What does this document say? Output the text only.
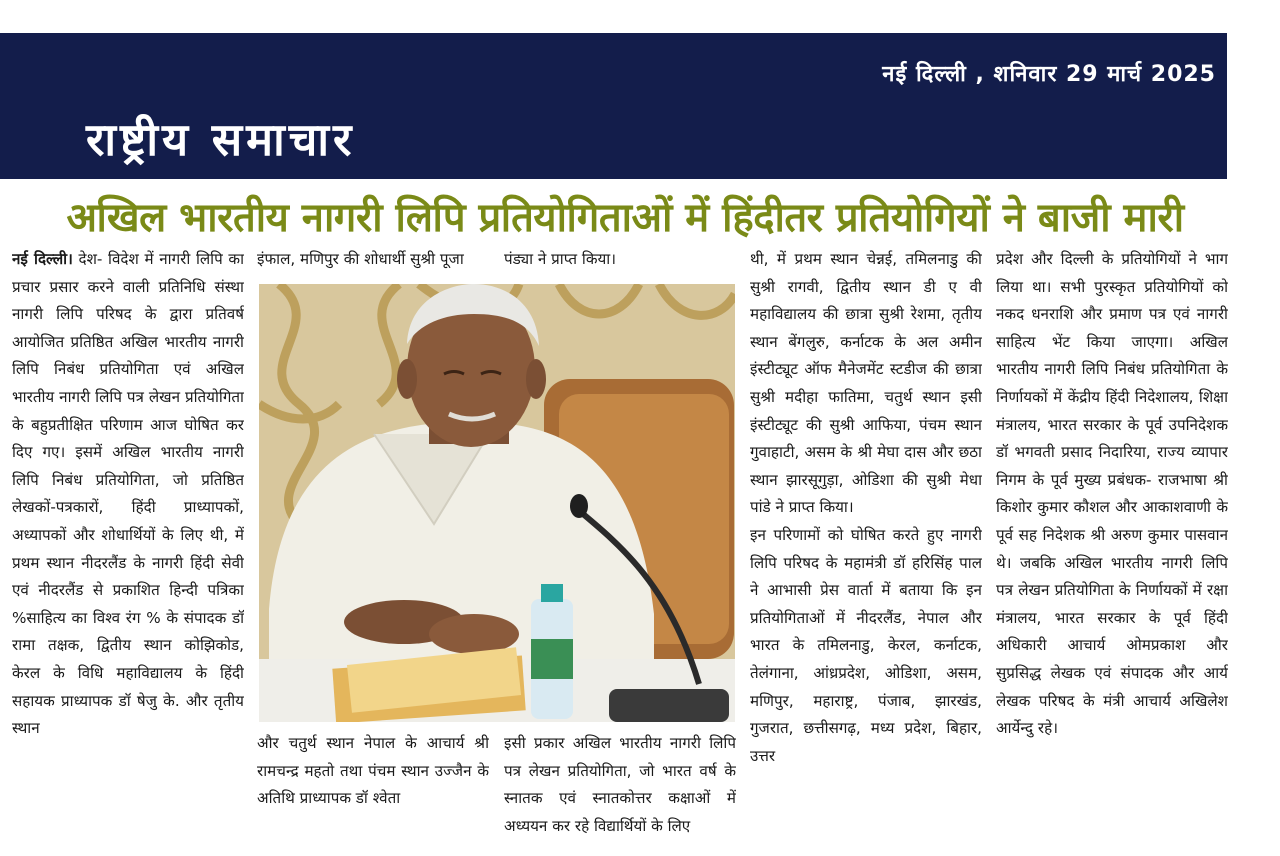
नई दिल्ली , शनिवार 29 मार्च 2025
राष्ट्रीय समाचार
अखिल भारतीय नागरी लिपि प्रतियोगिताओं में हिंदीतर प्रतियोगियों ने बाजी मारी

नई दिल्ली। देश- विदेश में नागरी लिपि का प्रचार प्रसार करने वाली प्रतिनिधि संस्था नागरी लिपि परिषद के द्वारा प्रतिवर्ष आयोजित प्रतिष्ठित अखिल भारतीय नागरी लिपि निबंध प्रतियोगिता एवं अखिल भारतीय नागरी लिपि पत्र लेखन प्रतियोगिता के बहुप्रतीक्षित परिणाम आज घोषित कर दिए गए। इसमें अखिल भारतीय नागरी लिपि निबंध प्रतियोगिता, जो प्रतिष्ठित लेखकों-पत्रकारों, हिंदी प्राध्यापकों, अध्यापकों और शोधार्थियों के लिए थी, में प्रथम स्थान नीदरलैंड के नागरी हिंदी सेवी एवं नीदरलैंड से प्रकाशित हिन्दी पत्रिका %साहित्य का विश्व रंग % के संपादक डॉ रामा तक्षक, द्वितीय स्थान कोझिकोड, केरल के विधि महाविद्यालय के हिंदी सहायक प्राध्यापक डॉ षेजु के. और तृतीय स्थान

इंफाल, मणिपुर की शोधार्थी सुश्री पूजा	पंड्या ने प्राप्त किया।

और चतुर्थ स्थान नेपाल के आचार्य श्री रामचन्द्र महतो तथा पंचम स्थान उज्जैन के अतिथि प्राध्यापक डॉ श्वेता

इसी प्रकार अखिल भारतीय नागरी लिपि पत्र लेखन प्रतियोगिता, जो भारत वर्ष के स्नातक एवं स्नातकोत्तर कक्षाओं में अध्ययन कर रहे विद्यार्थियों के लिए

थी, में प्रथम स्थान चेन्नई, तमिलनाडु की सुश्री रागवी, द्वितीय स्थान डी ए वी महाविद्यालय की छात्रा सुश्री रेशमा, तृतीय स्थान बेंगलुरु, कर्नाटक के अल अमीन इंस्टीट्यूट ऑफ मैनेजमेंट स्टडीज की छात्रा सुश्री मदीहा फातिमा, चतुर्थ स्थान इसी इंस्टीट्यूट की सुश्री आफिया, पंचम स्थान गुवाहाटी, असम के श्री मेघा दास और छठा स्थान झारसूगुड़ा, ओडिशा की सुश्री मेधा पांडे ने प्राप्त किया।

इन परिणामों को घोषित करते हुए नागरी लिपि परिषद के महामंत्री डॉ हरिसिंह पाल ने आभासी प्रेस वार्ता में बताया कि इन प्रतियोगिताओं में नीदरलैंड, नेपाल और भारत के तमिलनाडु, केरल, कर्नाटक, तेलंगाना, आंध्रप्रदेश, ओडिशा, असम, मणिपुर, महाराष्ट्र, पंजाब, झारखंड, गुजरात, छत्तीसगढ़, मध्य प्रदेश, बिहार, उत्तर

प्रदेश और दिल्ली के प्रतियोगियों ने भाग लिया था। सभी पुरस्कृत प्रतियोगियों को नकद धनराशि और प्रमाण पत्र एवं नागरी साहित्य भेंट किया जाएगा। अखिल भारतीय नागरी लिपि निबंध प्रतियोगिता के निर्णायकों में केंद्रीय हिंदी निदेशालय, शिक्षा मंत्रालय, भारत सरकार के पूर्व उपनिदेशक डॉ भगवती प्रसाद निदारिया, राज्य व्यापार निगम के पूर्व मुख्य प्रबंधक- राजभाषा श्री किशोर कुमार कौशल और आकाशवाणी के पूर्व सह निदेशक श्री अरुण कुमार पासवान थे। जबकि अखिल भारतीय नागरी लिपि पत्र लेखन प्रतियोगिता के निर्णायकों में रक्षा मंत्रालय, भारत सरकार के पूर्व हिंदी अधिकारी आचार्य ओमप्रकाश और सुप्रसिद्ध लेखक एवं संपादक और आर्य लेखक परिषद के मंत्री आचार्य अखिलेश आर्येन्दु रहे।
